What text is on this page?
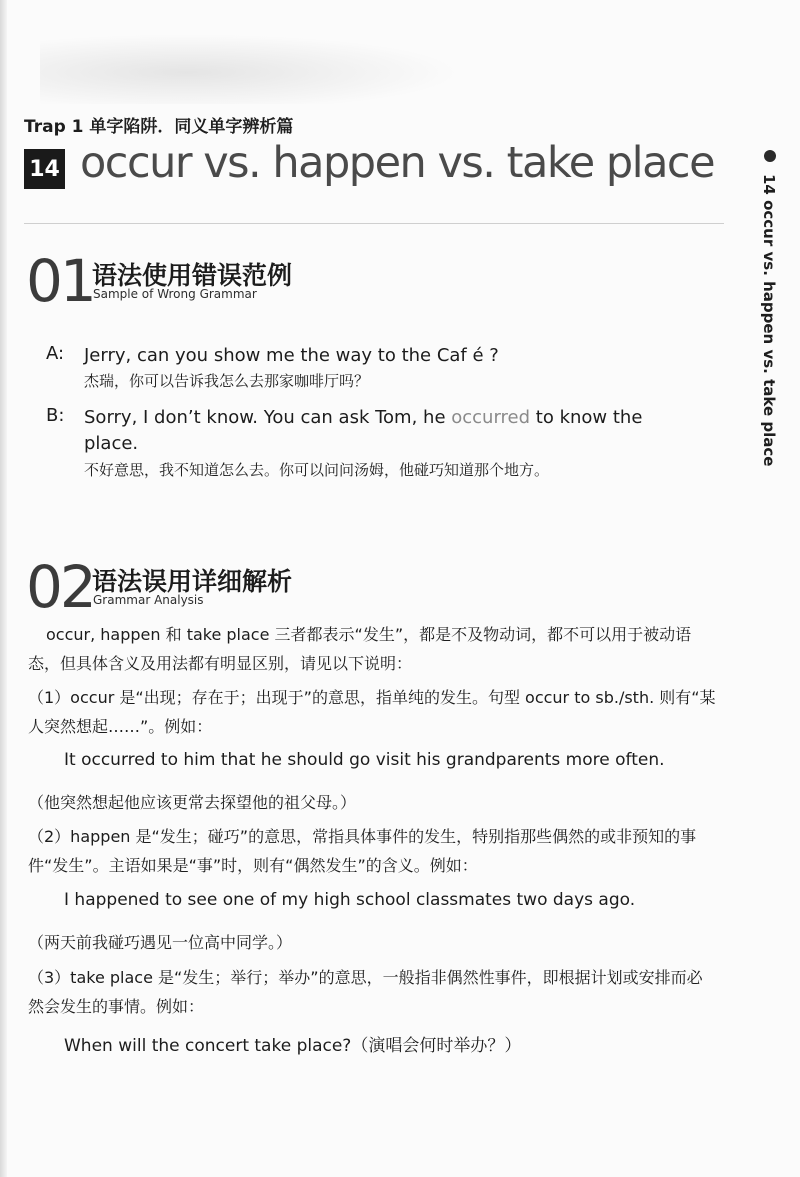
Trap 1 单字陷阱．同义单字辨析篇
14 occur vs. happen vs. take place
14 occur vs. happen vs. take place
01
语法使用错误范例
Sample of Wrong Grammar
A: Jerry, can you show me the way to the Caf é ?
杰瑞，你可以告诉我怎么去那家咖啡厅吗？
B: Sorry, I don’t know. You can ask Tom, he occurred to know the place.
不好意思，我不知道怎么去。你可以问问汤姆，他碰巧知道那个地方。
02
语法误用详细解析
Grammar Analysis
occur, happen 和 take place 三者都表示“发生”，都是不及物动词，都不可以用于被动语态，但具体含义及用法都有明显区别，请见以下说明：
（1）occur 是“出现；存在于；出现于”的意思，指单纯的发生。句型 occur to sb./sth. 则有“某人突然想起……”。例如：
It occurred to him that he should go visit his grandparents more often.
（他突然想起他应该更常去探望他的祖父母。）
（2）happen 是“发生；碰巧”的意思，常指具体事件的发生，特别指那些偶然的或非预知的事件“发生”。主语如果是“事”时，则有“偶然发生”的含义。例如：
I happened to see one of my high school classmates two days ago.
（两天前我碰巧遇见一位高中同学。）
（3）take place 是“发生；举行；举办”的意思，一般指非偶然性事件，即根据计划或安排而必然会发生的事情。例如：
When will the concert take place?（演唱会何时举办？）
